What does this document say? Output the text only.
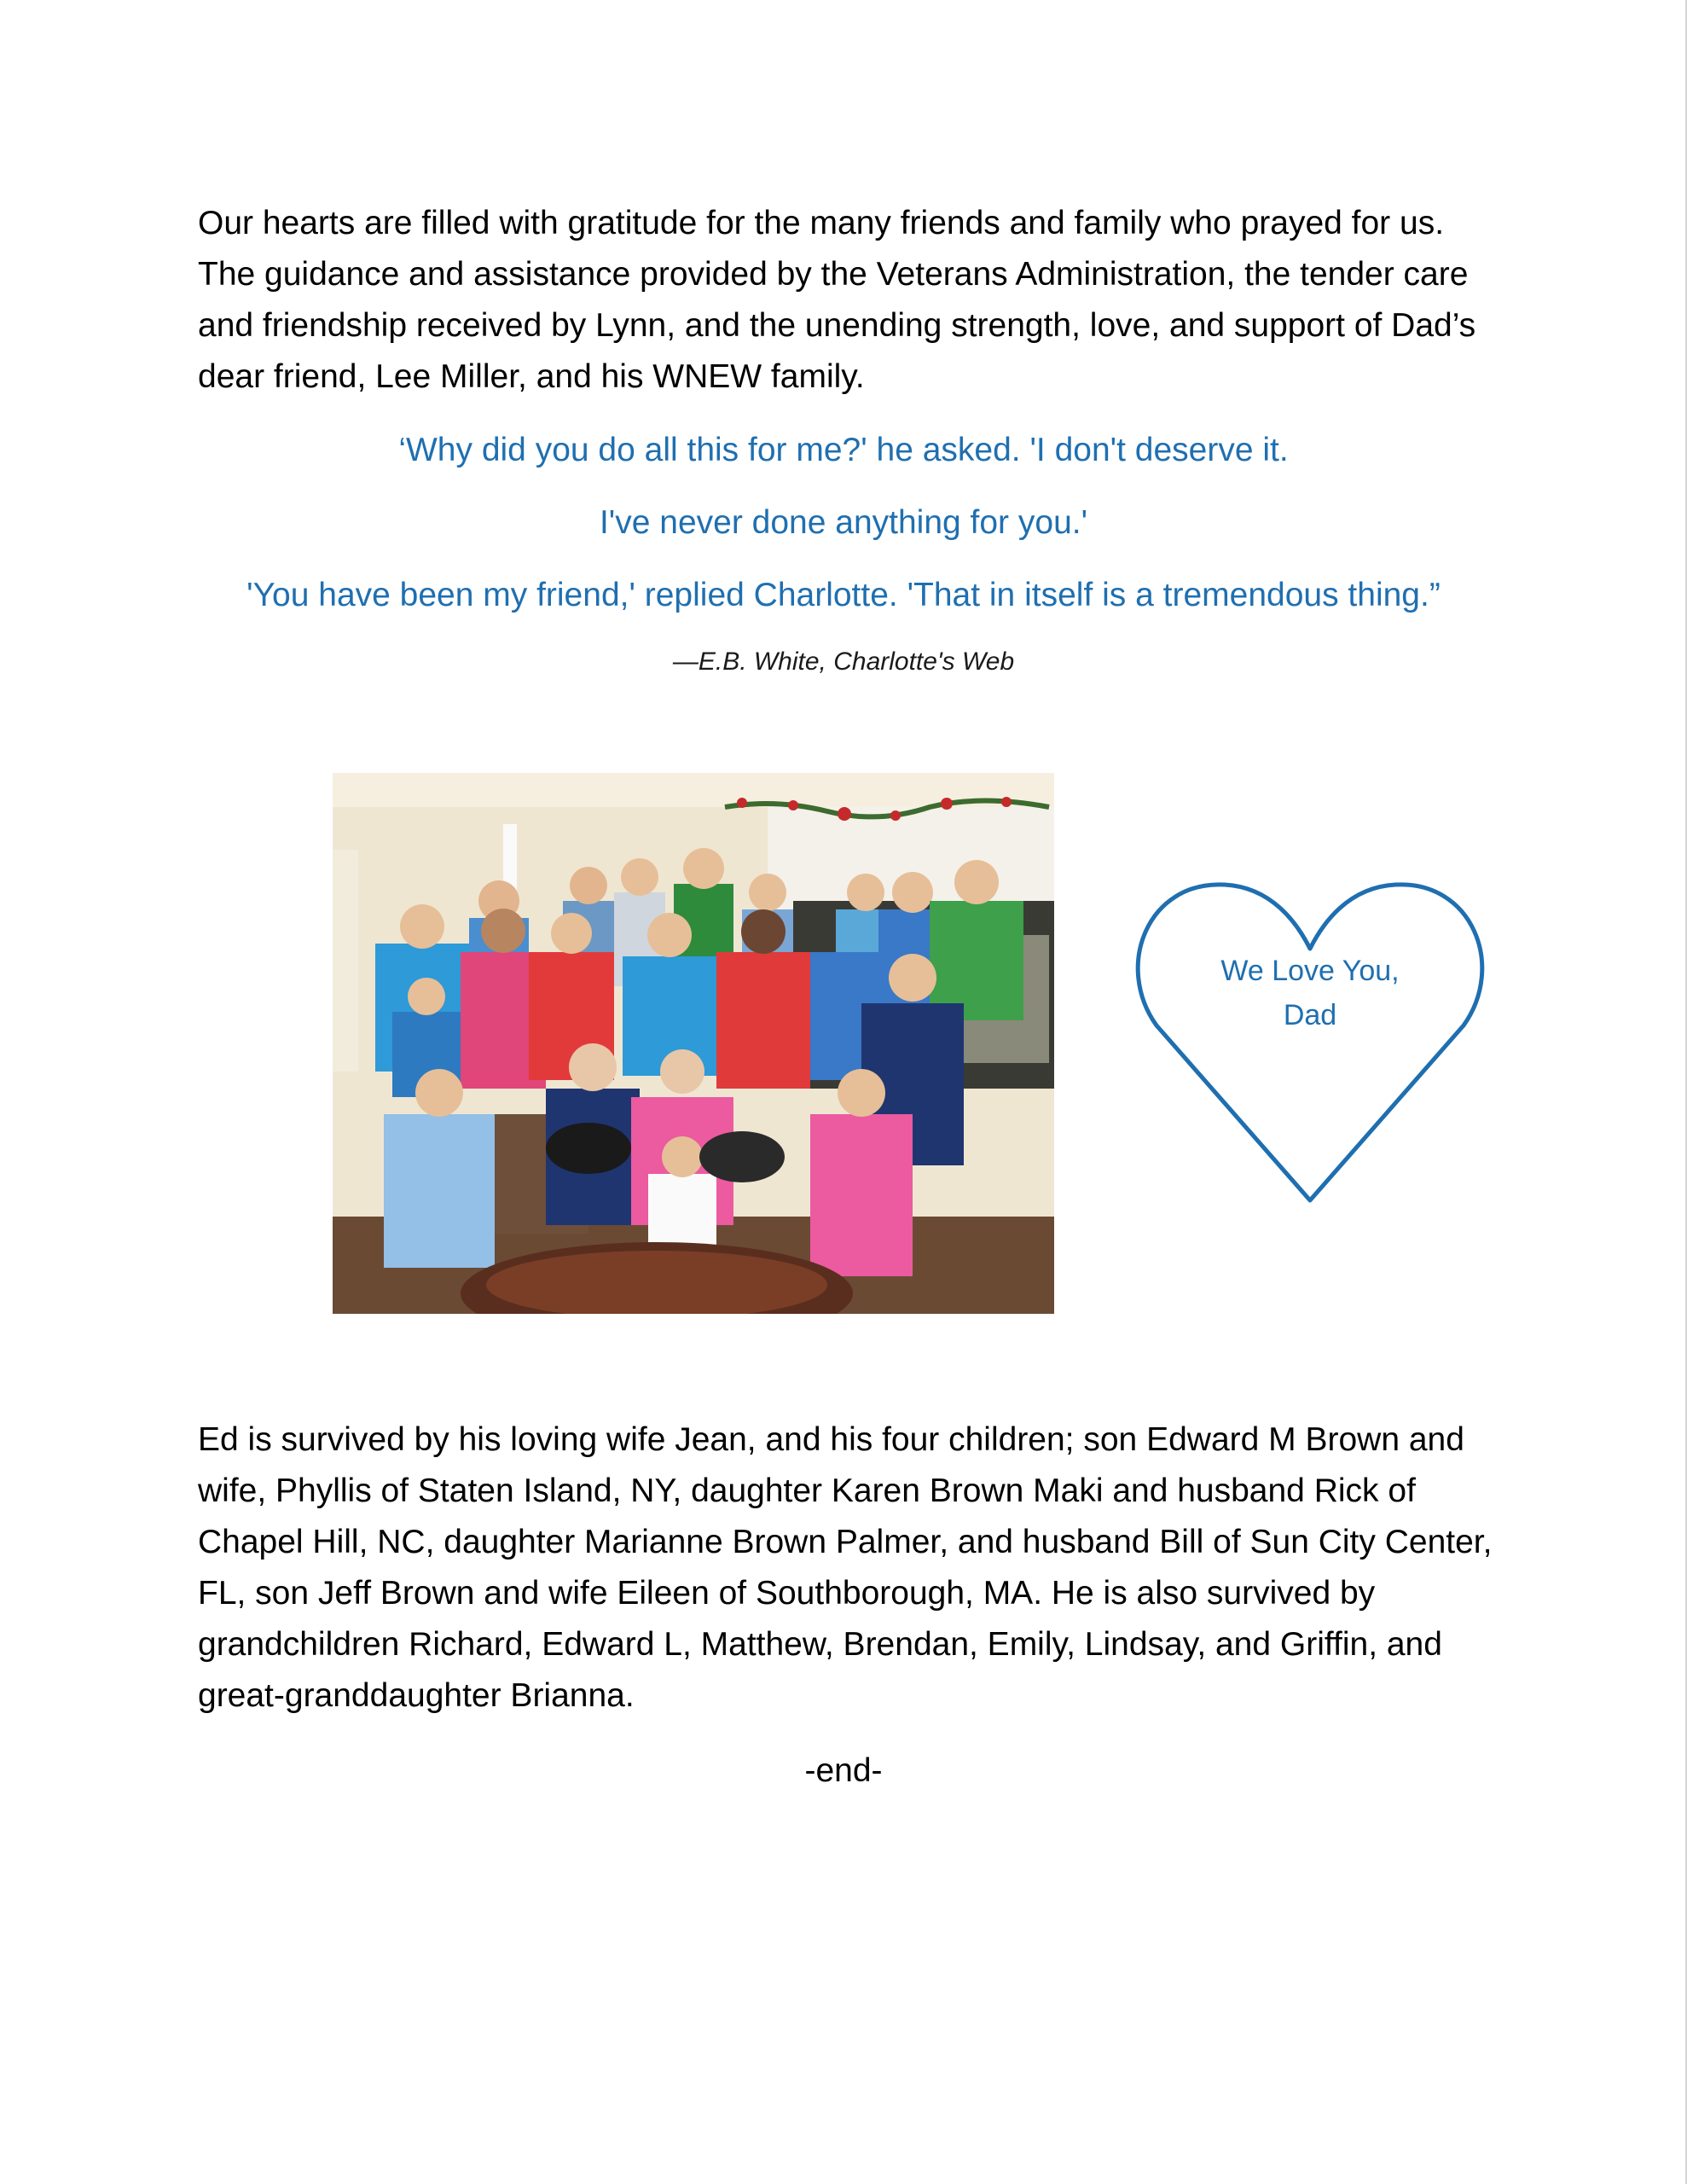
Our hearts are filled with gratitude for the many friends and family who prayed for us. The guidance and assistance provided by the Veterans Administration, the tender care and friendship received by Lynn, and the unending strength, love, and support of Dad’s dear friend, Lee Miller, and his WNEW family.

‘Why did you do all this for me?' he asked. 'I don't deserve it.
I've never done anything for you.'
'You have been my friend,' replied Charlotte. 'That in itself is a tremendous thing.”
—E.B. White, Charlotte's Web
We Love You,
Dad

Ed is survived by his loving wife Jean, and his four children; son Edward M Brown and wife, Phyllis of Staten Island, NY, daughter Karen Brown Maki and husband Rick of Chapel Hill, NC, daughter Marianne Brown Palmer, and husband Bill of Sun City Center, FL, son Jeff Brown and wife Eileen of Southborough, MA. He is also survived by grandchildren Richard, Edward L, Matthew, Brendan, Emily, Lindsay, and Griffin, and great-granddaughter Brianna.

-end-
